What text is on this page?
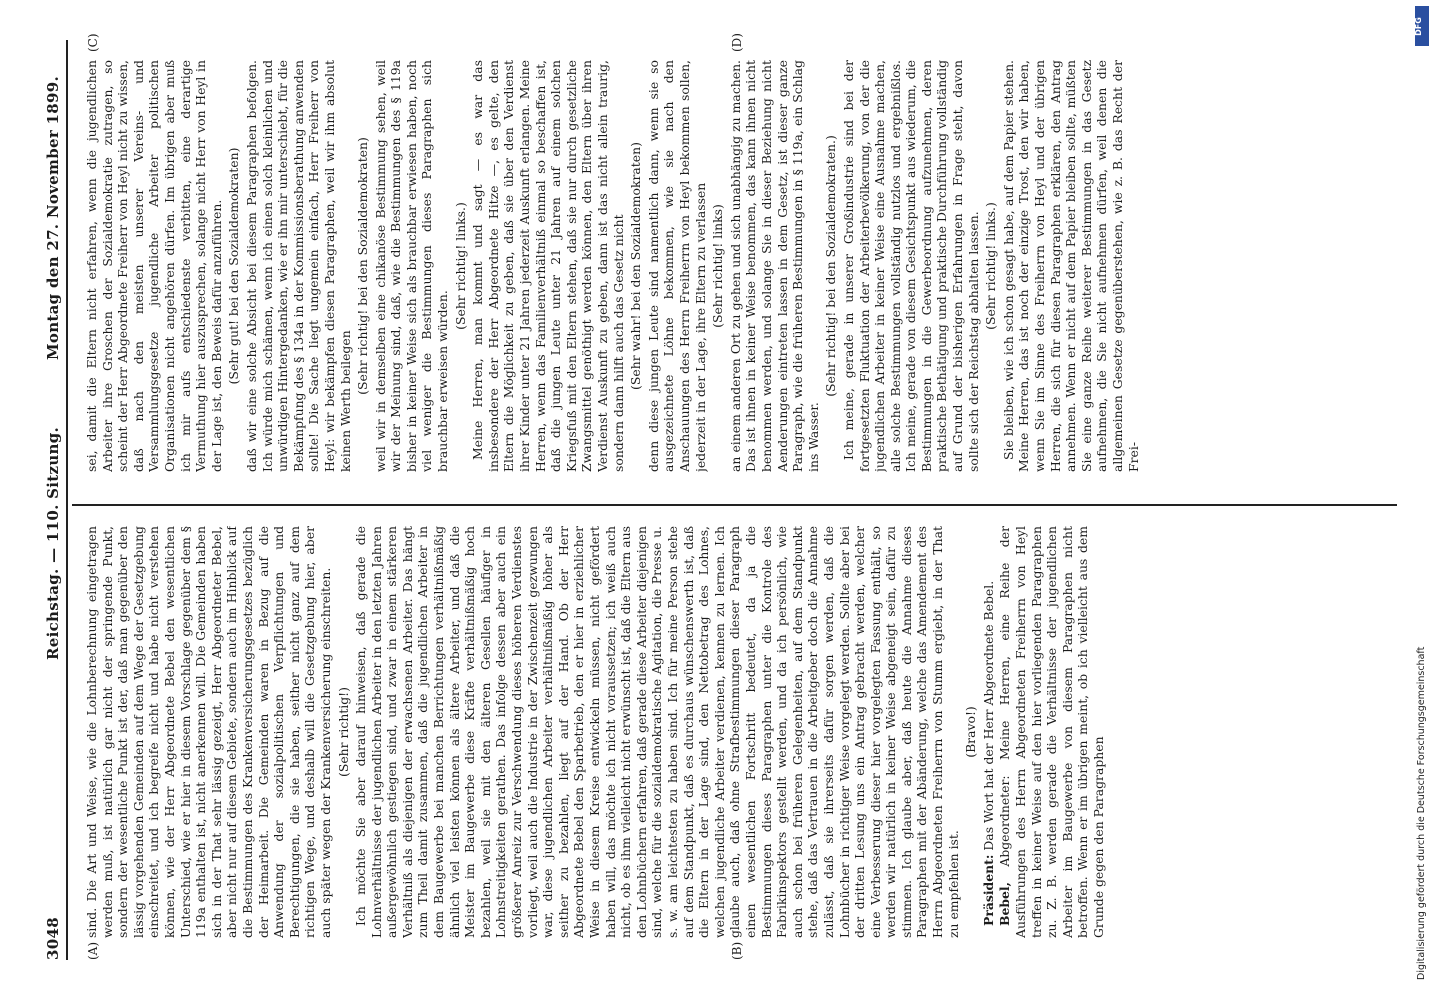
3048
Reichstag. — 110. Sitzung.
Montag den 27. November 1899.
(A)	(B)
(C)	(D)

sind. Die Art und Weise, wie die Lohnberechnung eingetragen werden muß, ist natürlich gar nicht der springende Punkt, sondern der wesentliche Punkt ist der, daß man gegenüber den lässig vorgehenden Gemeinden auf dem Wege der Gesetzgebung einschreitet, und ich begreife nicht und habe nicht verstehen können, wie der Herr Abgeordnete Bebel den wesentlichen Unterschied, wie er hier in diesem Vorschlage gegenüber dem § 119a enthalten ist, nicht anerkennen will. Die Gemeinden haben sich in der That sehr lässig gezeigt, Herr Abgeordneter Bebel, aber nicht nur auf diesem Gebiete, sondern auch im Hinblick auf die Bestimmungen des Krankenversicherungsgesetzes bezüglich der Heimarbeit. Die Gemeinden waren in Bezug auf die Anwendung der sozialpolitischen Verpflichtungen und Berechtigungen, die sie haben, seither nicht ganz auf dem richtigen Wege, und deshalb will die Gesetzgebung hier, aber auch später wegen der Krankenversicherung einschreiten. (Sehr richtig!) Ich möchte Sie aber darauf hinweisen, daß gerade die Lohnverhältnisse der jugendlichen Arbeiter in den letzten Jahren außergewöhnlich gestiegen sind, und zwar in einem stärkeren Verhältniß als diejenigen der erwachsenen Arbeiter. Das hängt zum Theil damit zusammen, daß die jugendlichen Arbeiter in dem Baugewerbe bei manchen Berrichtungen verhältnißmäßig ähnlich viel leisten können als ältere Arbeiter, und daß die Meister im Baugewerbe diese Kräfte verhältnißmäßig hoch bezahlen, weil sie mit den älteren Gesellen häufiger in Lohnstreitigkeiten gerathen. Das infolge dessen aber auch ein größerer Anreiz zur Verschwendung dieses höheren Verdienstes vorliegt, weil auch die Industrie in der Zwischenzeit gezwungen war, diese jugendlichen Arbeiter verhältnißmäßig höher als seither zu bezahlen, liegt auf der Hand. Ob der Herr Abgeordnete Bebel den Sparbetrieb, den er hier in erziehlicher Weise in diesem Kreise entwickeln müssen, nicht gefördert haben will, das möchte ich nicht voraussetzen; ich weiß auch nicht, ob es ihm vielleicht nicht erwünscht ist, daß die Eltern aus den Lohnbüchern erfahren, daß gerade diese Arbeiter diejenigen sind, welche für die sozialdemokratische Agitation, die Presse u. s. w. am leichtesten zu haben sind. Ich für meine Person stehe auf dem Standpunkt, daß es durchaus wünschenswerth ist, daß die Eltern in der Lage sind, den Nettobetrag des Lohnes, welchen jugendliche Arbeiter verdienen, kennen zu lernen. Ich glaube auch, daß ohne Strafbestimmungen dieser Paragraph einen wesentlichen Fortschritt bedeutet, da ja die Bestimmungen dieses Paragraphen unter die Kontrole des Fabrikinspektors gestellt werden, und da ich persönlich, wie auch schon bei früheren Gelegenheiten, auf dem Standpunkt stehe, daß das Vertrauen in die Arbeitgeber doch die Annahme zulässt, daß sie ihrerseits dafür sorgen werden, daß die Lohnbücher in richtiger Weise vorgelegt werden. Sollte aber bei der dritten Lesung uns ein Antrag gebracht werden, welcher eine Verbesserung dieser hier vorgelegten Fassung enthält, so werden wir natürlich in keiner Weise abgeneigt sein, dafür zu stimmen. Ich glaube aber, daß heute die Annahme dieses Paragraphen mit der Abänderung, welche das Amendement des Herrn Abgeordneten Freiherrn von Stumm ergiebt, in der That zu empfehlen ist.

(Bravo!)

Präsident: Das Wort hat der Herr Abgeordnete Bebel.

Bebel, Abgeordneter: Meine Herren, eine Reihe der Ausführungen des Herrn Abgeordneten Freiherrn von Heyl treffen in keiner Weise auf den hier vorliegenden Paragraphen zu. Z. B. werden gerade die Verhältnisse der jugendlichen Arbeiter im Baugewerbe von diesem Paragraphen nicht betroffen. Wenn er im übrigen meint, ob ich vielleicht aus dem Grunde gegen den Paragraphen

sei, damit die Eltern nicht erfahren, wenn die jugendlichen Arbeiter ihre Groschen der Sozialdemokratie zutragen, so scheint der Herr Abgeordnete Freiherr von Heyl nicht zu wissen, daß nach den meisten unserer Vereins- und Versammlungsgesetze jugendliche Arbeiter politischen Organisationen nicht angehören dürfen. Im übrigen aber muß ich mir aufs entschiedenste verbitten, eine derartige Vermuthung hier auszusprechen, solange nicht Herr von Heyl in der Lage ist, den Beweis dafür anzuführen. (Sehr gut! bei den Sozialdemokraten) daß wir eine solche Absicht bei diesem Paragraphen befolgen. Ich würde mich schämen, wenn ich einen solch kleinlichen und unwürdigen Hintergedanken, wie er ihn mir unterschiebt, für die Bekämpfung des § 134a in der Kommissionsberathung anwenden sollte! Die Sache liegt ungemein einfach, Herr Freiherr von Heyl: wir bekämpfen diesen Paragraphen, weil wir ihm absolut keinen Werth beilegen

(Sehr richtig! bei den Sozialdemokraten) weil wir in demselben eine chikanöse Bestimmung sehen, weil wir der Meinung sind, daß, wie die Bestimmungen des § 119a bisher in keiner Weise sich als brauchbar erwiesen haben, noch viel weniger die Bestimmungen dieses Paragraphen sich brauchbar erweisen würden.

(Sehr richtig! links.) Meine Herren, man kommt und sagt — es war das insbesondere der Herr Abgeordnete Hitze —, es gelte, den Eltern die Möglichkeit zu geben, daß sie über den Verdienst ihrer Kinder unter 21 Jahren jederzeit Auskunft erlangen. Meine Herren, wenn das Familienverhältniß einmal so beschaffen ist, daß die jungen Leute unter 21 Jahren auf einem solchen Kriegsfuß mit den Eltern stehen, daß sie nur durch gesetzliche Zwangsmittel genöthigt werden können, den Eltern über ihren Verdienst Auskunft zu geben, dann ist das nicht allein traurig, sondern dann hilft auch das Gesetz nicht (Sehr wahr! bei den Sozialdemokraten) denn diese jungen Leute sind namentlich dann, wenn sie so ausgezeichnete Löhne bekommen, wie sie nach den Anschauungen des Herrn Freiherrn von Heyl bekommen sollen, jederzeit in der Lage, ihre Eltern zu verlassen (Sehr richtig! links) an einem anderen Ort zu gehen und sich unabhängig zu machen. Das ist ihnen in keiner Weise benommen, das kann ihnen nicht benommen werden, und solange Sie in dieser Beziehung nicht Aenderungen eintreten lassen in dem Gesetz, ist dieser ganze Paragraph, wie die früheren Bestimmungen in § 119a, ein Schlag ins Wasser.

(Sehr richtig! bei den Sozialdemokraten.) Ich meine, gerade in unserer Großindustrie sind bei der fortgesetzten Fluktuation der Arbeiterbevölkerung, von der die jugendlichen Arbeiter in keiner Weise eine Ausnahme machen, alle solche Bestimmungen vollständig nutzlos und ergebnißlos. Ich meine, gerade von diesem Gesichtspunkt aus wiederum, die Bestimmungen in die Gewerbeordnung aufzunehmen, deren praktische Bethätigung und praktische Durchführung vollständig auf Grund der bisherigen Erfahrungen in Frage steht, davon sollte sich der Reichstag abhalten lassen. (Sehr richtig! links.) Sie bleiben, wie ich schon gesagt habe, auf dem Papier stehen. Meine Herren, das ist noch der einzige Trost, den wir haben, wenn Sie im Sinne des Freiherrn von Heyl und der übrigen Herren, die sich für diesen Paragraphen erklären, den Antrag annehmen. Wenn er nicht auf dem Papier bleiben sollte, müßten Sie eine ganze Reihe weiterer Bestimmungen in das Gesetz aufnehmen, die Sie nicht aufnehmen dürfen, weil denen die allgemeinen Gesetze gegenüberstehen, wie z. B. das Recht der Frei-

DFG
Digitalisierung gefördert durch die Deutsche Forschungsgemeinschaft
